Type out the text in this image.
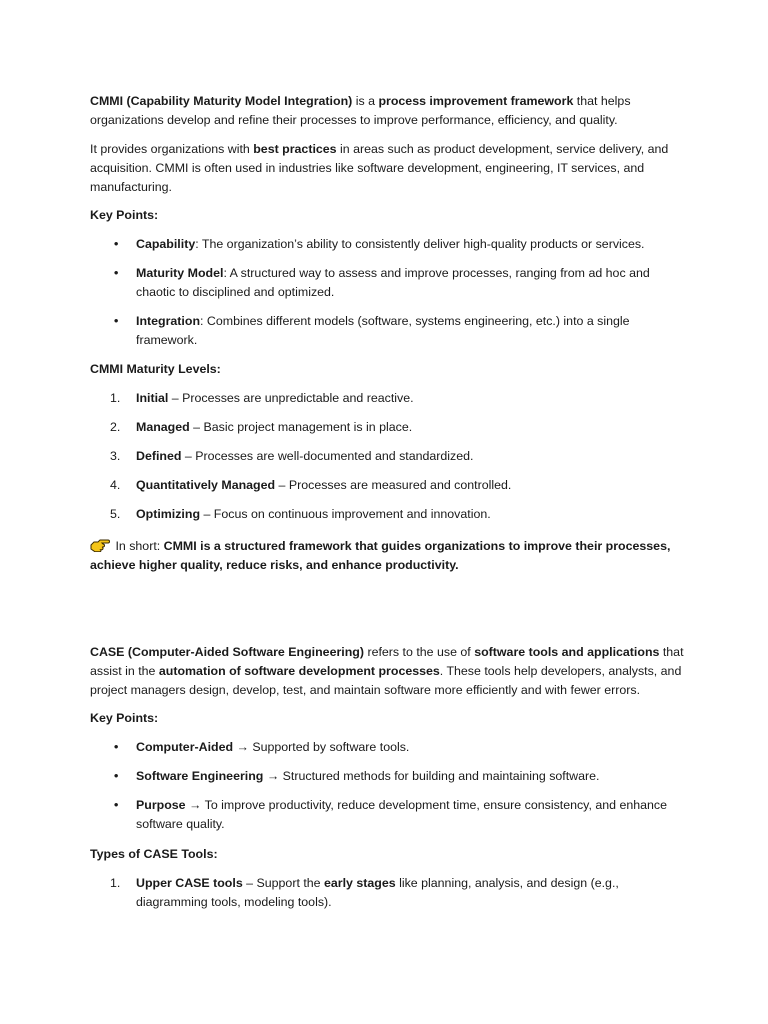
CMMI (Capability Maturity Model Integration) is a process improvement framework that helps organizations develop and refine their processes to improve performance, efficiency, and quality.

It provides organizations with best practices in areas such as product development, service delivery, and acquisition. CMMI is often used in industries like software development, engineering, IT services, and manufacturing.

Key Points:

• Capability: The organization’s ability to consistently deliver high-quality products or services.
• Maturity Model: A structured way to assess and improve processes, ranging from ad hoc and chaotic to disciplined and optimized.
• Integration: Combines different models (software, systems engineering, etc.) into a single framework.

CMMI Maturity Levels:

1. Initial – Processes are unpredictable and reactive.
2. Managed – Basic project management is in place.
3. Defined – Processes are well-documented and standardized.
4. Quantitatively Managed – Processes are measured and controlled.
5. Optimizing – Focus on continuous improvement and innovation.

In short: CMMI is a structured framework that guides organizations to improve their processes, achieve higher quality, reduce risks, and enhance productivity.

CASE (Computer-Aided Software Engineering) refers to the use of software tools and applications that assist in the automation of software development processes. These tools help developers, analysts, and project managers design, develop, test, and maintain software more efficiently and with fewer errors.

Key Points:

• Computer-Aided → Supported by software tools.
• Software Engineering → Structured methods for building and maintaining software.
• Purpose → To improve productivity, reduce development time, ensure consistency, and enhance software quality.

Types of CASE Tools:

1. Upper CASE tools – Support the early stages like planning, analysis, and design (e.g., diagramming tools, modeling tools).
